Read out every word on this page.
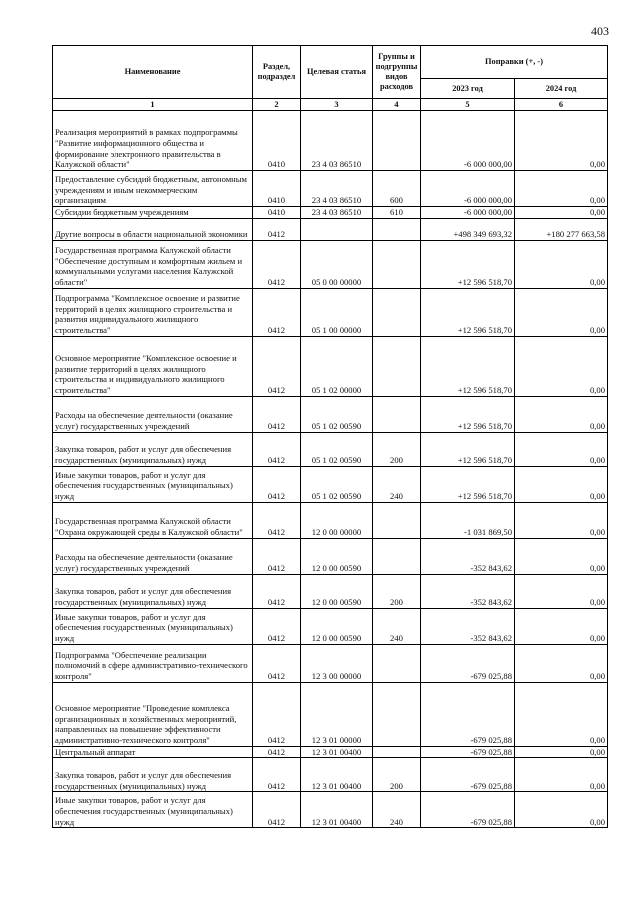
403
Наименование	Раздел, подраздел	Целевая статья	Группы и подгруппы видов расходов	Поправки (+, -)	
				2023 год	2024 год
1	2	3	4	5	6
Реализация мероприятий в рамках подпрограммы "Развитие информационного общества и формирование электронного правительства в Калужской области"	0410	23 4 03 86510		-6 000 000,00	0,00
Предоставление субсидий бюджетным, автономным учреждениям и иным некоммерческим организациям	0410	23 4 03 86510	600	-6 000 000,00	0,00
Субсидии бюджетным учреждениям	0410	23 4 03 86510	610	-6 000 000,00	0,00
Другие вопросы в области национальной экономики	0412			+498 349 693,32	+180 277 663,58
Государственная программа Калужской области "Обеспечение доступным и комфортным жильем и коммунальными услугами населения Калужской области"	0412	05 0 00 00000		+12 596 518,70	0,00
Подпрограмма "Комплексное освоение и развитие территорий в целях жилищного строительства и развития индивидуального жилищного строительства"	0412	05 1 00 00000		+12 596 518,70	0,00
Основное мероприятие "Комплексное освоение и развитие территорий в целях жилищного строительства и индивидуального жилищного строительства"	0412	05 1 02 00000		+12 596 518,70	0,00
Расходы на обеспечение деятельности (оказание услуг) государственных учреждений	0412	05 1 02 00590		+12 596 518,70	0,00
Закупка товаров, работ и услуг для обеспечения государственных (муниципальных) нужд	0412	05 1 02 00590	200	+12 596 518,70	0,00
Иные закупки товаров, работ и услуг для обеспечения государственных (муниципальных) нужд	0412	05 1 02 00590	240	+12 596 518,70	0,00
Государственная программа Калужской области "Охрана окружающей среды в Калужской области"	0412	12 0 00 00000		-1 031 869,50	0,00
Расходы на обеспечение деятельности (оказание услуг) государственных учреждений	0412	12 0 00 00590		-352 843,62	0,00
Закупка товаров, работ и услуг для обеспечения государственных (муниципальных) нужд	0412	12 0 00 00590	200	-352 843,62	0,00
Иные закупки товаров, работ и услуг для обеспечения государственных (муниципальных) нужд	0412	12 0 00 00590	240	-352 843,62	0,00
Подпрограмма "Обеспечение реализации полномочий в сфере административно-технического контроля"	0412	12 3 00 00000		-679 025,88	0,00
Основное мероприятие "Проведение комплекса организационных и хозяйственных мероприятий, направленных на повышение эффективности административно-технического контроля"	0412	12 3 01 00000		-679 025,88	0,00
Центральный аппарат	0412	12 3 01 00400		-679 025,88	0,00
Закупка товаров, работ и услуг для обеспечения государственных (муниципальных) нужд	0412	12 3 01 00400	200	-679 025,88	0,00
Иные закупки товаров, работ и услуг для обеспечения государственных (муниципальных) нужд	0412	12 3 01 00400	240	-679 025,88	0,00
